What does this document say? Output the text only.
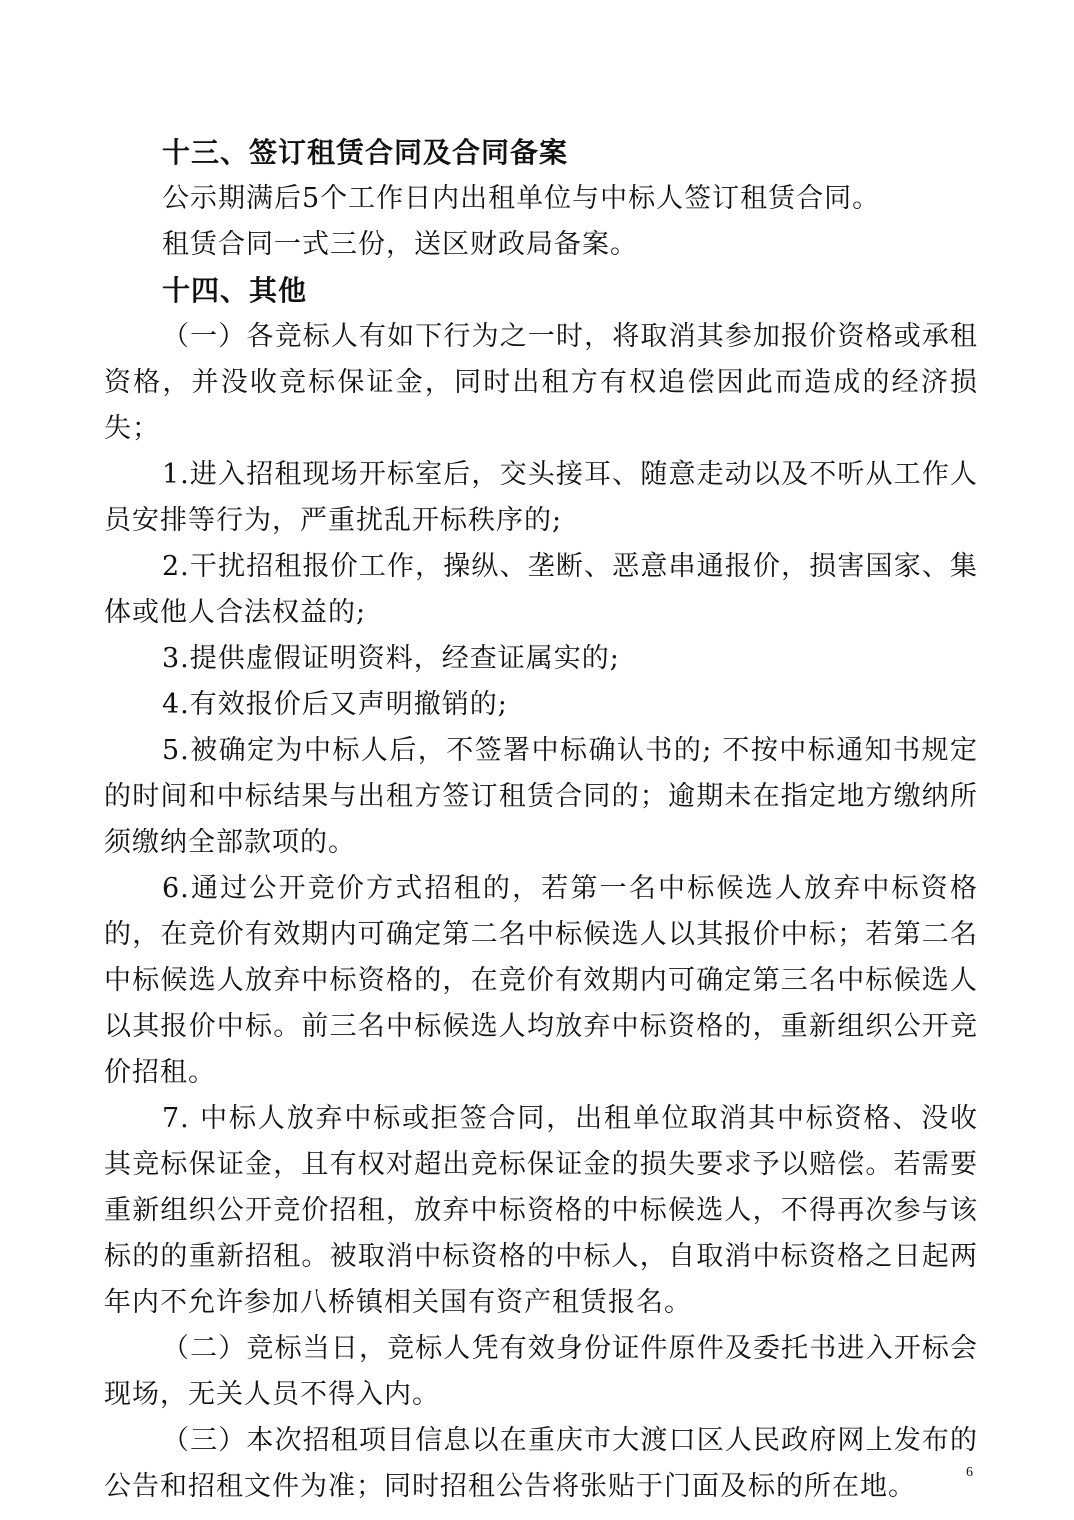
十三、签订租赁合同及合同备案

公示期满后5个工作日内出租单位与中标人签订租赁合同。

租赁合同一式三份，送区财政局备案。

十四、其他

（一）各竞标人有如下行为之一时，将取消其参加报价资格或承租资格，并没收竞标保证金，同时出租方有权追偿因此而造成的经济损失；

1.进入招租现场开标室后，交头接耳、随意走动以及不听从工作人员安排等行为，严重扰乱开标秩序的;

2.干扰招租报价工作，操纵、垄断、恶意串通报价，损害国家、集体或他人合法权益的;

3.提供虚假证明资料，经查证属实的;

4.有效报价后又声明撤销的;

5.被确定为中标人后，不签署中标确认书的; 不按中标通知书规定的时间和中标结果与出租方签订租赁合同的；逾期未在指定地方缴纳所须缴纳全部款项的。

6.通过公开竞价方式招租的，若第一名中标候选人放弃中标资格的，在竞价有效期内可确定第二名中标候选人以其报价中标；若第二名中标候选人放弃中标资格的，在竞价有效期内可确定第三名中标候选人以其报价中标。前三名中标候选人均放弃中标资格的，重新组织公开竞价招租。

7. 中标人放弃中标或拒签合同，出租单位取消其中标资格、没收其竞标保证金，且有权对超出竞标保证金的损失要求予以赔偿。若需要重新组织公开竞价招租，放弃中标资格的中标候选人，不得再次参与该标的的重新招租。被取消中标资格的中标人，自取消中标资格之日起两年内不允许参加八桥镇相关国有资产租赁报名。

（二）竞标当日，竞标人凭有效身份证件原件及委托书进入开标会现场，无关人员不得入内。

（三）本次招租项目信息以在重庆市大渡口区人民政府网上发布的公告和招租文件为准；同时招租公告将张贴于门面及标的所在地。	6
